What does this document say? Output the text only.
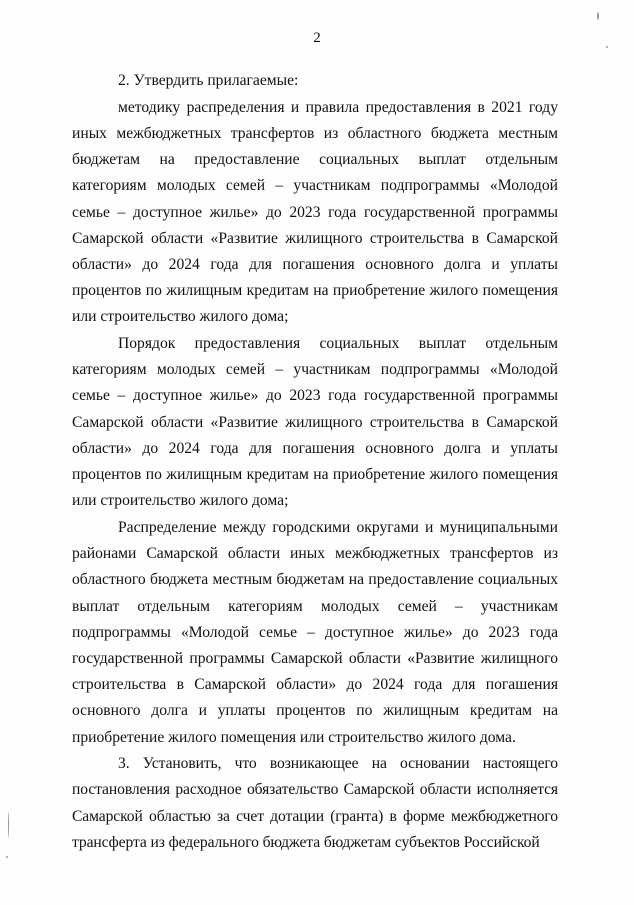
2

2. Утвердить прилагаемые:

методику распределения и правила предоставления в 2021 году иных межбюджетных трансфертов из областного бюджета местным бюджетам на предоставление социальных выплат отдельным категориям молодых семей – участникам подпрограммы «Молодой семье – доступное жилье» до 2023 года государственной программы Самарской области «Развитие жилищного строительства в Самарской области» до 2024 года для погашения основного долга и уплаты процентов по жилищным кредитам на приобретение жилого помещения или строительство жилого дома;

Порядок предоставления социальных выплат отдельным категориям молодых семей – участникам подпрограммы «Молодой семье – доступное жилье» до 2023 года государственной программы Самарской области «Развитие жилищного строительства в Самарской области» до 2024 года для погашения основного долга и уплаты процентов по жилищным кредитам на приобретение жилого помещения или строительство жилого дома;

Распределение между городскими округами и муниципальными районами Самарской области иных межбюджетных трансфертов из областного бюджета местным бюджетам на предоставление социальных выплат отдельным категориям молодых семей – участникам подпрограммы «Молодой семье – доступное жилье» до 2023 года государственной программы Самарской области «Развитие жилищного строительства в Самарской области» до 2024 года для погашения основного долга и уплаты процентов по жилищным кредитам на приобретение жилого помещения или строительство жилого дома.

3. Установить, что возникающее на основании настоящего постановления расходное обязательство Самарской области исполняется Самарской областью за счет дотации (гранта) в форме межбюджетного трансферта из федерального бюджета бюджетам субъектов Российской
